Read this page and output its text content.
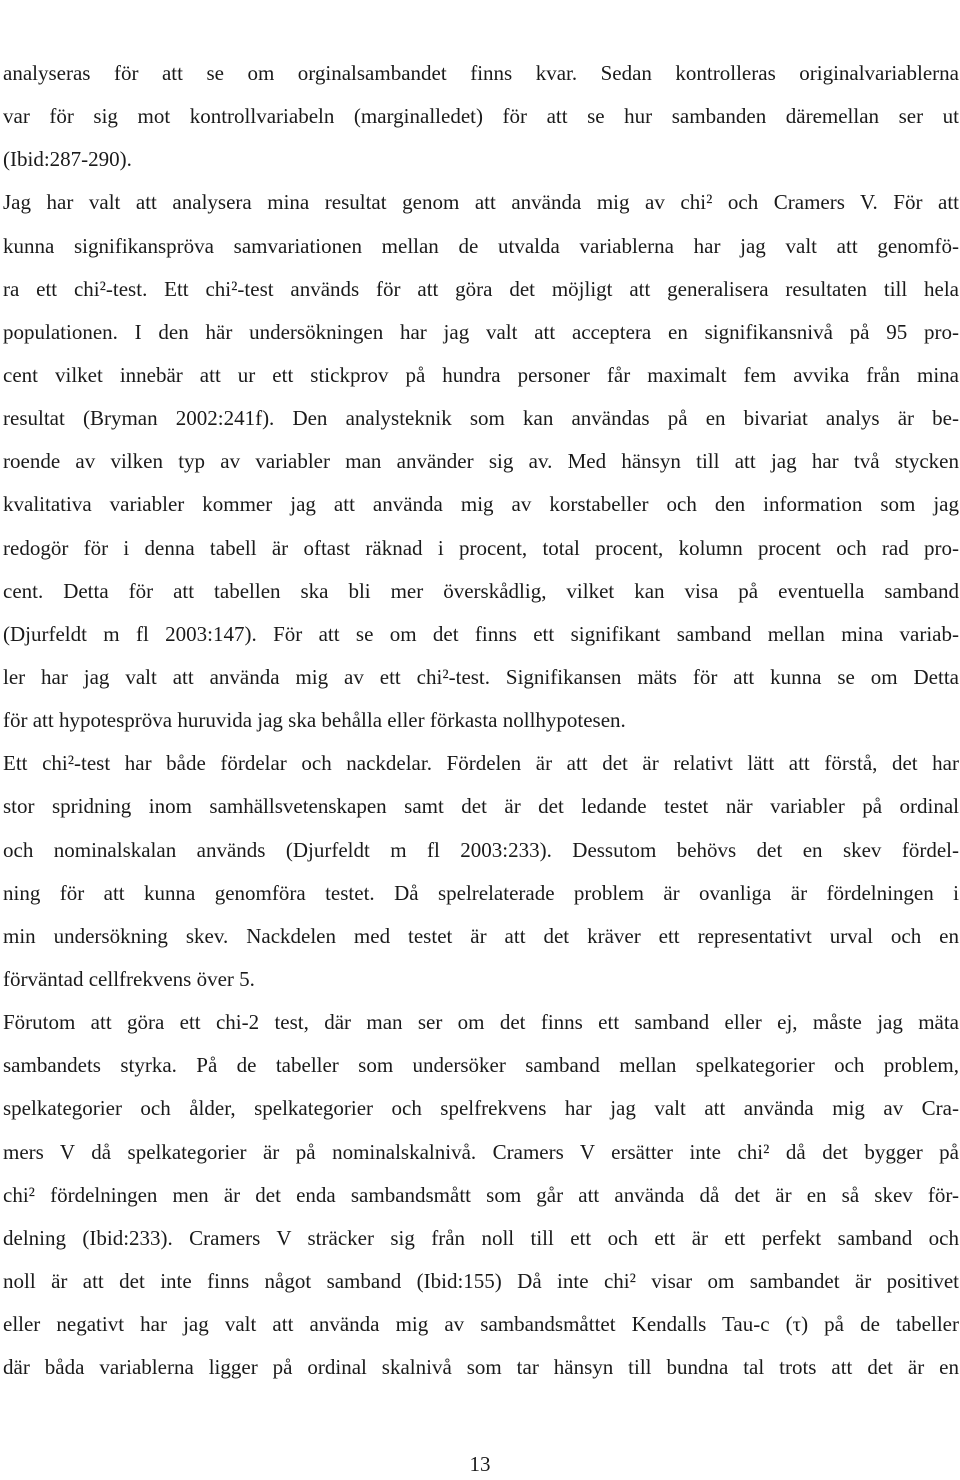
analyseras för att se om orginalsambandet finns kvar. Sedan kontrolleras originalvariablerna
var för sig mot kontrollvariabeln (marginalledet) för att se hur sambanden däremellan ser ut
(Ibid:287-290).
Jag har valt att analysera mina resultat genom att använda mig av chi² och Cramers V. För att
kunna signifikanspröva samvariationen mellan de utvalda variablerna har jag valt att genomfö-
ra ett chi²-test. Ett chi²-test används för att göra det möjligt att generalisera resultaten till hela
populationen. I den här undersökningen har jag valt att acceptera en signifikansnivå på 95 pro-
cent vilket innebär att ur ett stickprov på hundra personer får maximalt fem avvika från mina
resultat (Bryman 2002:241f). Den analysteknik som kan användas på en bivariat analys är be-
roende av vilken typ av variabler man använder sig av. Med hänsyn till att jag har två stycken
kvalitativa variabler kommer jag att använda mig av korstabeller och den information som jag
redogör för i denna tabell är oftast räknad i procent, total procent, kolumn procent och rad pro-
cent. Detta för att tabellen ska bli mer överskådlig, vilket kan visa på eventuella samband
(Djurfeldt m fl 2003:147). För att se om det finns ett signifikant samband mellan mina variab-
ler har jag valt att använda mig av ett chi²-test. Signifikansen mäts för att kunna se om Detta
för att hypotespröva huruvida jag ska behålla eller förkasta nollhypotesen.
Ett chi²-test har både fördelar och nackdelar. Fördelen är att det är relativt lätt att förstå, det har
stor spridning inom samhällsvetenskapen samt det är det ledande testet när variabler på ordinal
och nominalskalan används (Djurfeldt m fl 2003:233). Dessutom behövs det en skev fördel-
ning för att kunna genomföra testet. Då spelrelaterade problem är ovanliga är fördelningen i
min undersökning skev. Nackdelen med testet är att det kräver ett representativt urval och en
förväntad cellfrekvens över 5.
Förutom att göra ett chi-2 test, där man ser om det finns ett samband eller ej, måste jag mäta
sambandets styrka. På de tabeller som undersöker samband mellan spelkategorier och problem,
spelkategorier och ålder, spelkategorier och spelfrekvens har jag valt att använda mig av Cra-
mers V då spelkategorier är på nominalskalnivå. Cramers V ersätter inte chi² då det bygger på
chi² fördelningen men är det enda sambandsmått som går att använda då det är en så skev för-
delning (Ibid:233). Cramers V sträcker sig från noll till ett och ett är ett perfekt samband och
noll är att det inte finns något samband (Ibid:155) Då inte chi² visar om sambandet är positivet
eller negativt har jag valt att använda mig av sambandsmåttet Kendalls Tau-c (τ) på de tabeller
där båda variablerna ligger på ordinal skalnivå som tar hänsyn till bundna tal trots att det är en
13
